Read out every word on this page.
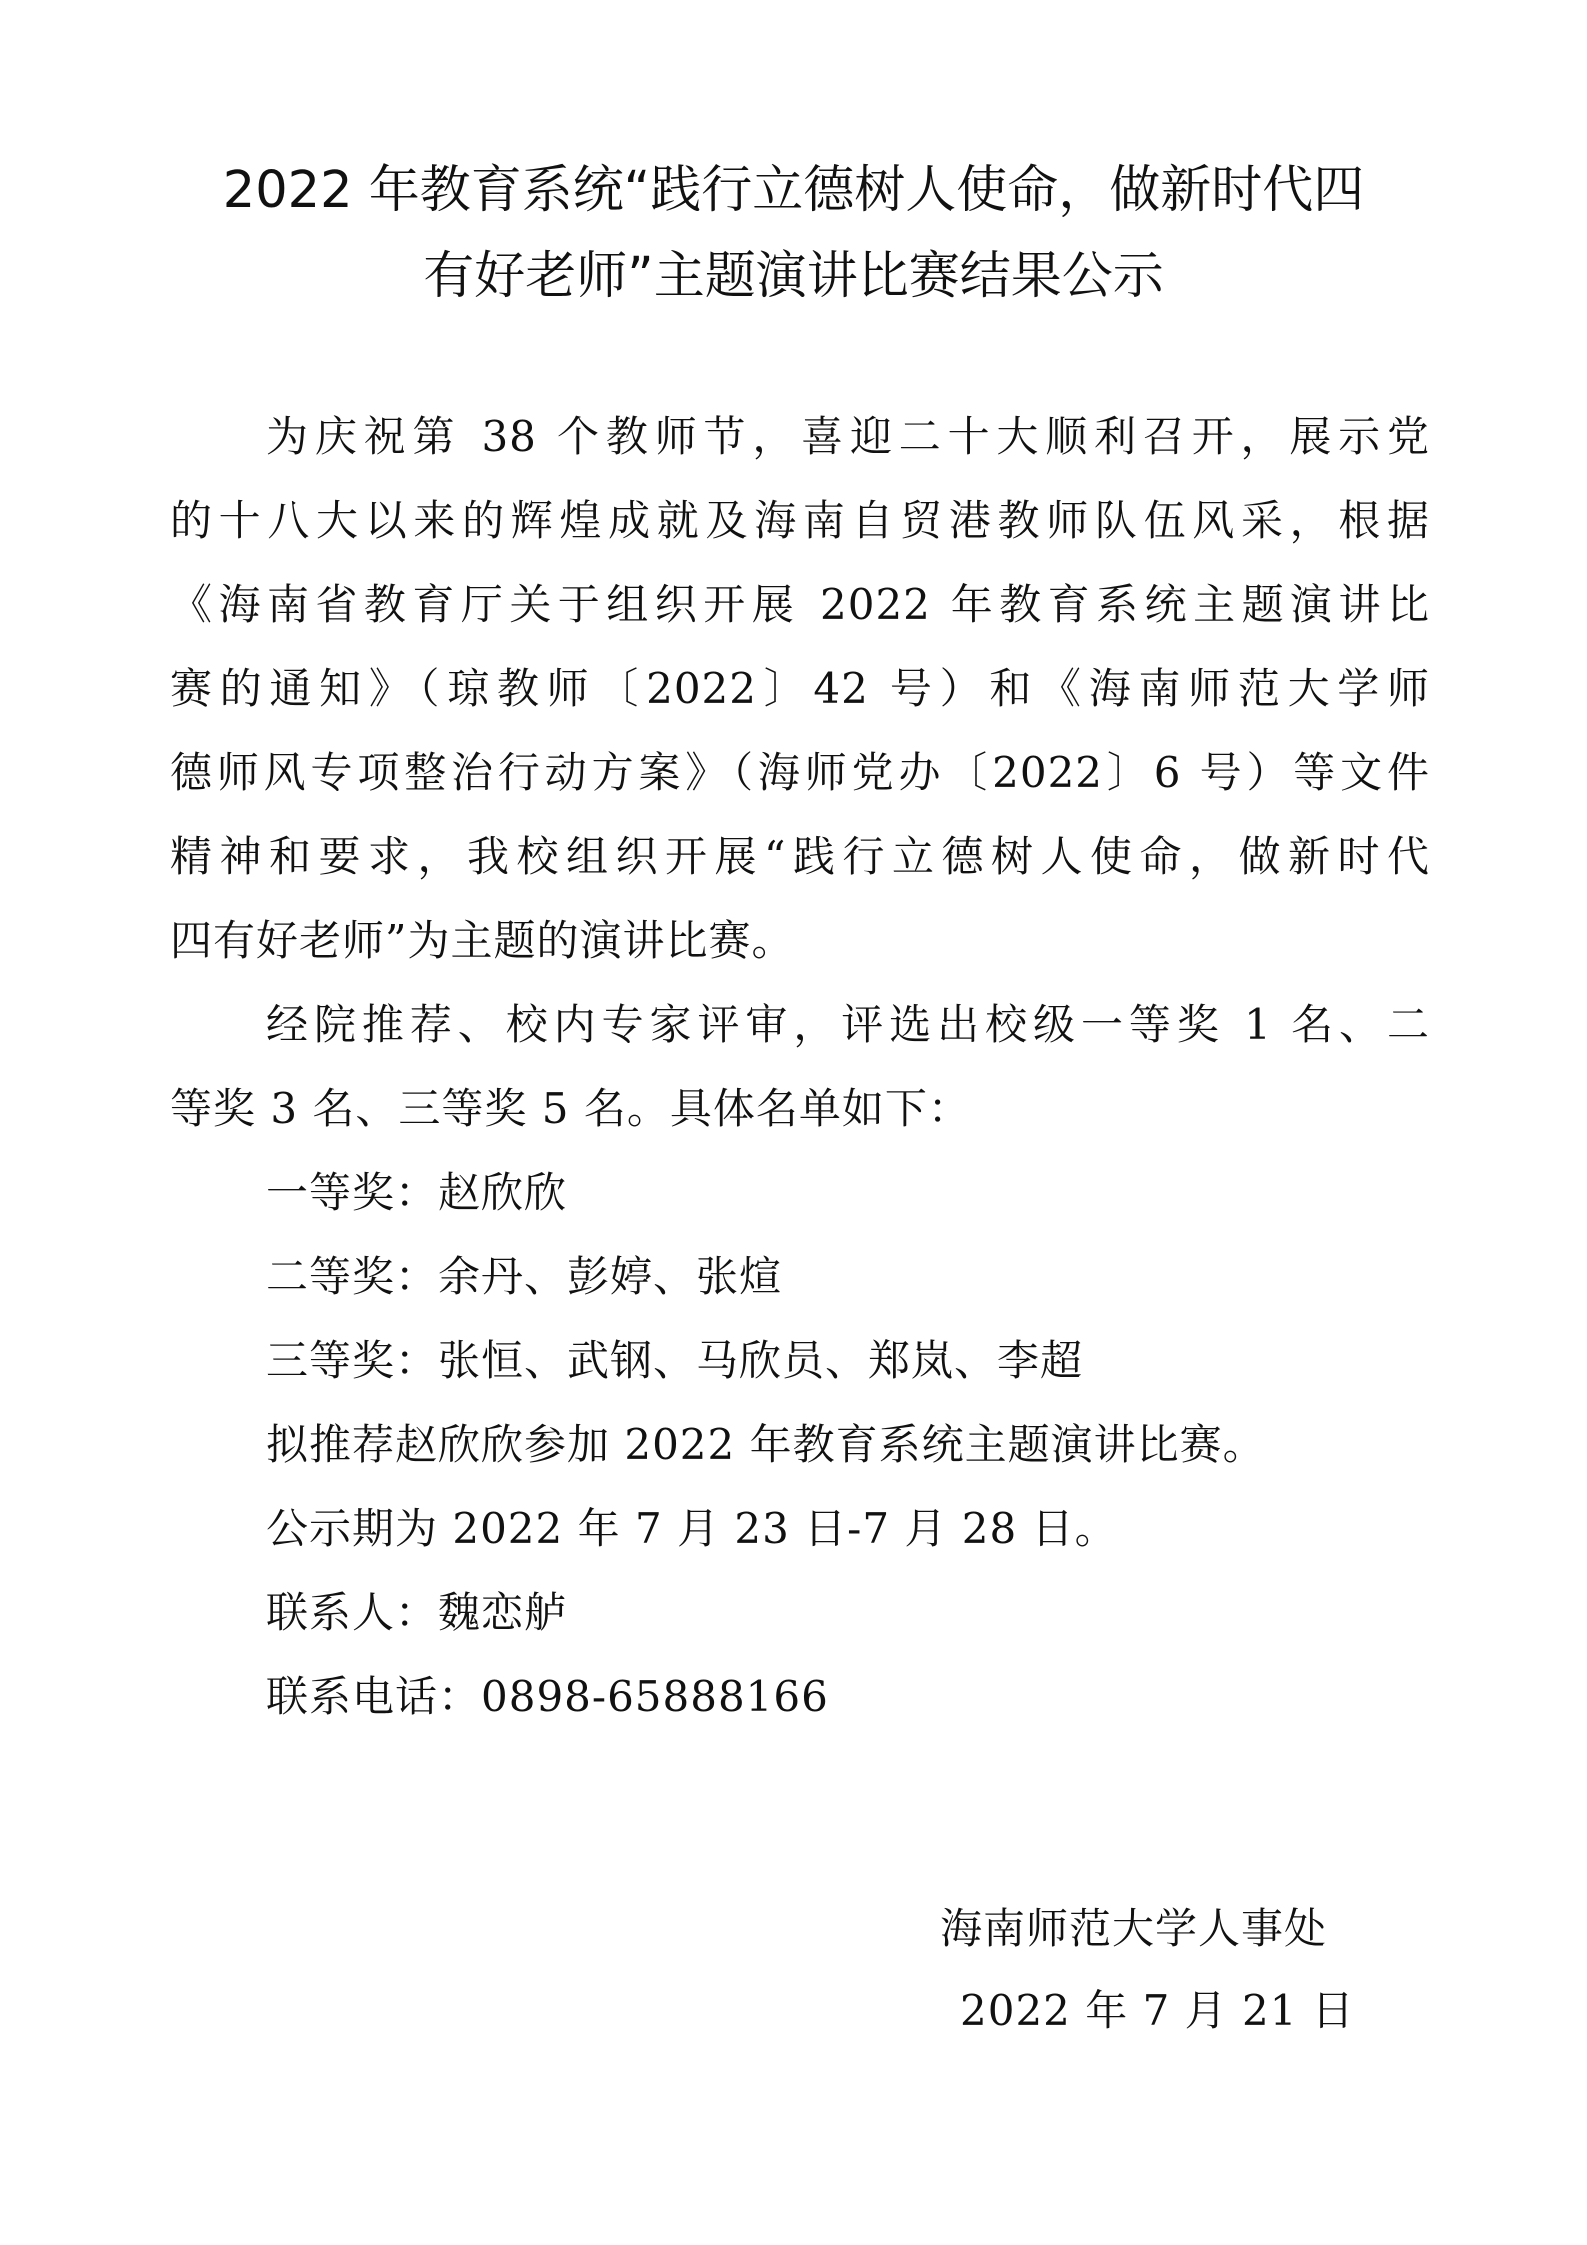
2022 年教育系统“践行立德树人使命，做新时代四
有好老师”主题演讲比赛结果公示
为庆祝第 38 个教师节，喜迎二十大顺利召开，展示党
的十八大以来的辉煌成就及海南自贸港教师队伍风采，根据
《海南省教育厅关于组织开展 2022 年教育系统主题演讲比
赛的通知》（琼教师〔2022〕42 号）和《海南师范大学师
德师风专项整治行动方案》（海师党办〔2022〕6 号）等文件
精神和要求，我校组织开展“践行立德树人使命，做新时代
四有好老师”为主题的演讲比赛。
经院推荐、校内专家评审，评选出校级一等奖 1 名、二
等奖 3 名、三等奖 5 名。具体名单如下：
一等奖：赵欣欣
二等奖：余丹、彭婷、张煊
三等奖：张恒、武钢、马欣员、郑岚、李超
拟推荐赵欣欣参加 2022 年教育系统主题演讲比赛。
公示期为 2022 年 7 月 23 日-7 月 28 日。
联系人：魏恋舻
联系电话：0898-65888166
海南师范大学人事处
2022 年 7 月 21 日
